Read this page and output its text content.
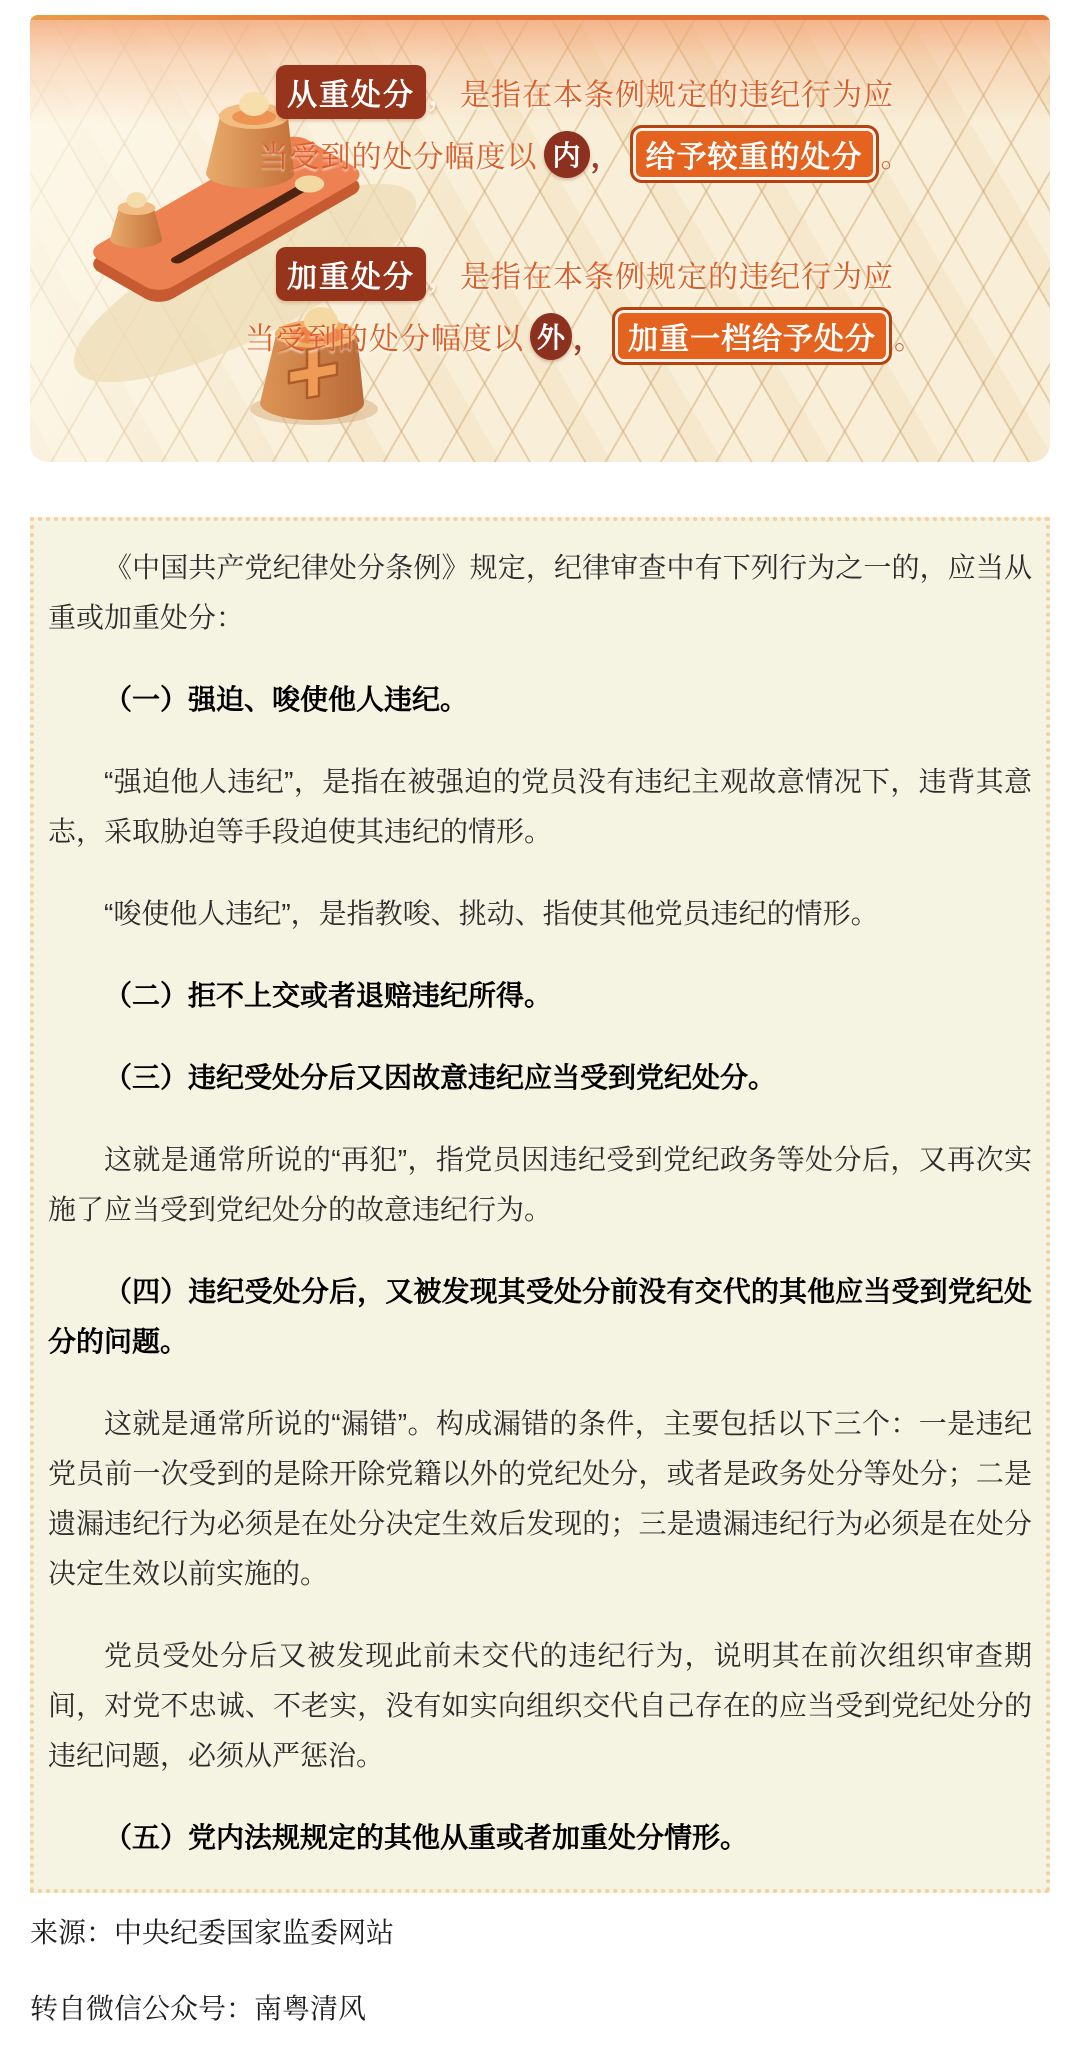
从重处分 ， 是指在本条例规定的违纪行为应
当受到的处分幅度以 内 ， 给予较重的处分 。
加重处分 ， 是指在本条例规定的违纪行为应
当受到的处分幅度以 外 ， 加重一档给予处分 。

《中国共产党纪律处分条例》规定，纪律审查中有下列行为之一的，应当从重或加重处分：

（一）强迫、唆使他人违纪。

“强迫他人违纪”，是指在被强迫的党员没有违纪主观故意情况下，违背其意志，采取胁迫等手段迫使其违纪的情形。

“唆使他人违纪”，是指教唆、挑动、指使其他党员违纪的情形。

（二）拒不上交或者退赔违纪所得。

（三）违纪受处分后又因故意违纪应当受到党纪处分。

这就是通常所说的“再犯”，指党员因违纪受到党纪政务等处分后，又再次实施了应当受到党纪处分的故意违纪行为。

（四）违纪受处分后，又被发现其受处分前没有交代的其他应当受到党纪处分的问题。

这就是通常所说的“漏错”。构成漏错的条件，主要包括以下三个：一是违纪党员前一次受到的是除开除党籍以外的党纪处分，或者是政务处分等处分；二是遗漏违纪行为必须是在处分决定生效后发现的；三是遗漏违纪行为必须是在处分决定生效以前实施的。

党员受处分后又被发现此前未交代的违纪行为，说明其在前次组织审查期间，对党不忠诚、不老实，没有如实向组织交代自己存在的应当受到党纪处分的违纪问题，必须从严惩治。

（五）党内法规规定的其他从重或者加重处分情形。

来源：中央纪委国家监委网站

转自微信公众号：南粤清风
